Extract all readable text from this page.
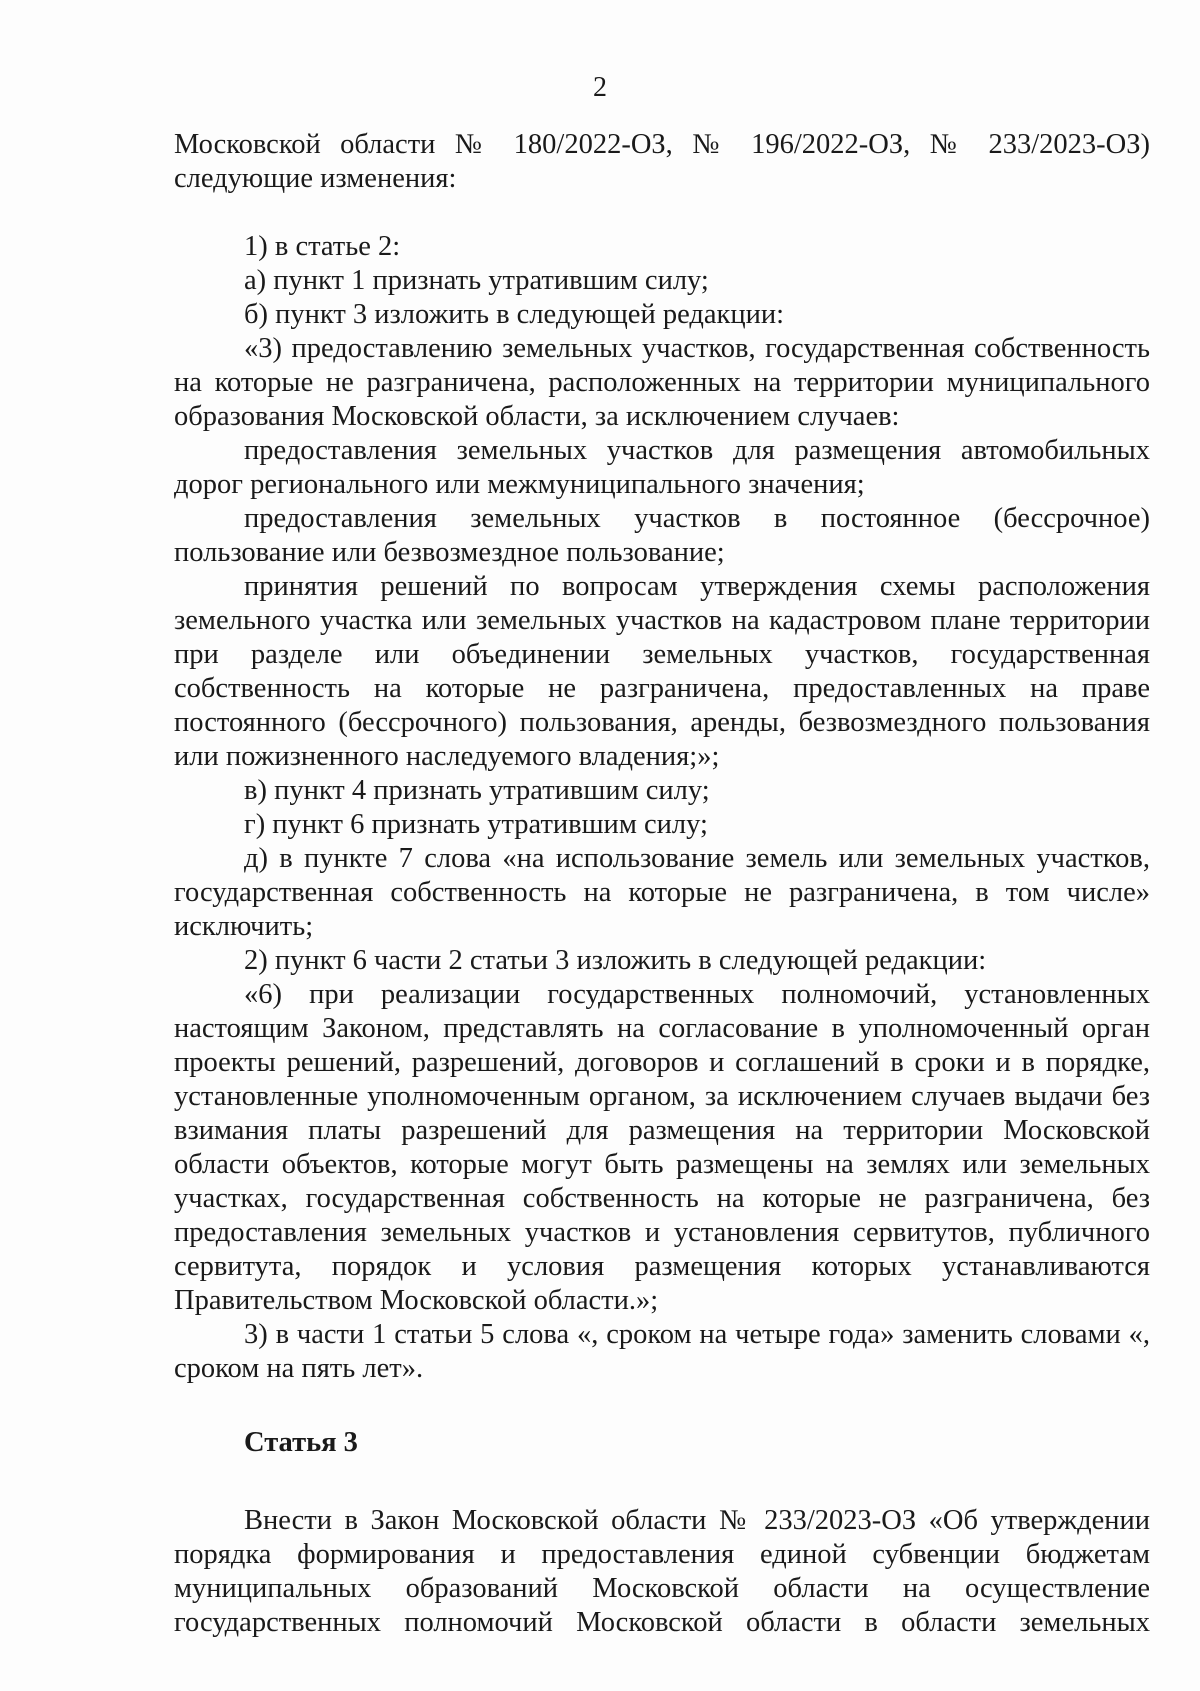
2

Московской области № 180/2022-ОЗ, № 196/2022-ОЗ, № 233/2023-ОЗ) следующие изменения:

1) в статье 2:

а) пункт 1 признать утратившим силу;

б) пункт 3 изложить в следующей редакции:

«3) предоставлению земельных участков, государственная собственность на которые не разграничена, расположенных на территории муниципального образования Московской области, за исключением случаев:

предоставления земельных участков для размещения автомобильных дорог регионального или межмуниципального значения;

предоставления земельных участков в постоянное (бессрочное) пользование или безвозмездное пользование;

принятия решений по вопросам утверждения схемы расположения земельного участка или земельных участков на кадастровом плане территории при разделе или объединении земельных участков, государственная собственность на которые не разграничена, предоставленных на праве постоянного (бессрочного) пользования, аренды, безвозмездного пользования или пожизненного наследуемого владения;»;

в) пункт 4 признать утратившим силу;

г) пункт 6 признать утратившим силу;

д) в пункте 7 слова «на использование земель или земельных участков, государственная собственность на которые не разграничена, в том числе» исключить;

2) пункт 6 части 2 статьи 3 изложить в следующей редакции:

«6) при реализации государственных полномочий, установленных настоящим Законом, представлять на согласование в уполномоченный орган проекты решений, разрешений, договоров и соглашений в сроки и в порядке, установленные уполномоченным органом, за исключением случаев выдачи без взимания платы разрешений для размещения на территории Московской области объектов, которые могут быть размещены на землях или земельных участках, государственная собственность на которые не разграничена, без предоставления земельных участков и установления сервитутов, публичного сервитута, порядок и условия размещения которых устанавливаются Правительством Московской области.»;

3) в части 1 статьи 5 слова «, сроком на четыре года» заменить словами «, сроком на пять лет».

Статья 3

Внести в Закон Московской области № 233/2023-ОЗ «Об утверждении порядка формирования и предоставления единой субвенции бюджетам муниципальных образований Московской области на осуществление государственных полномочий Московской области в области земельных
